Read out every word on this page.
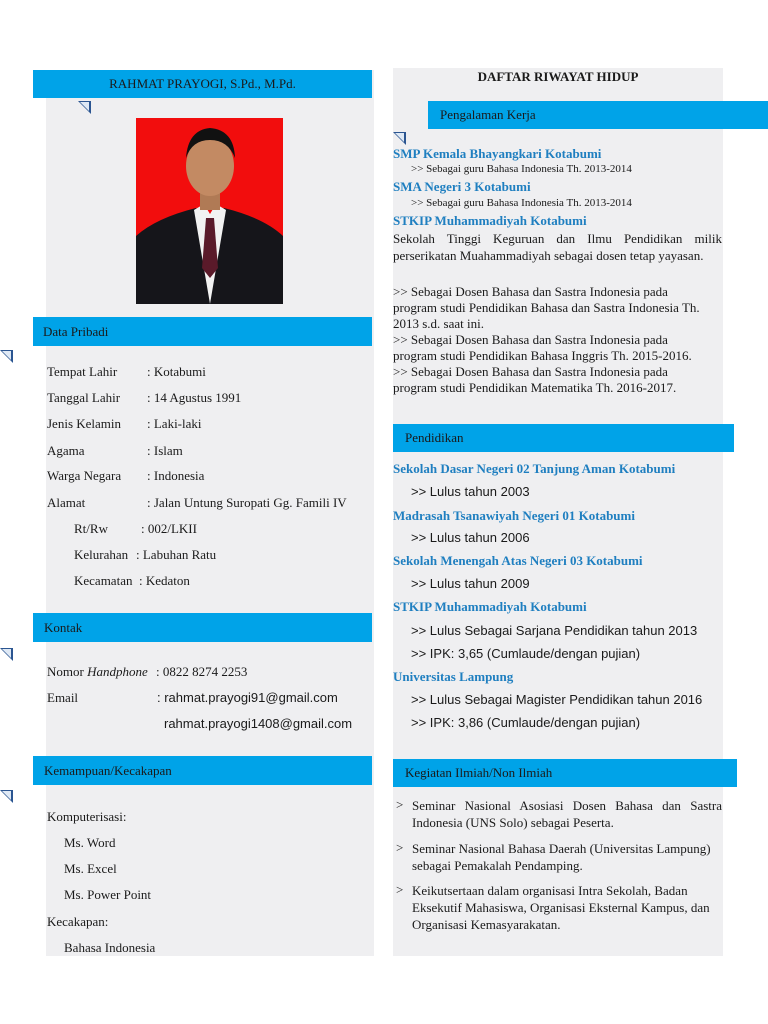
RAHMAT PRAYOGI, S.Pd., M.Pd.
Data Pribadi
Tempat Lahir : Kotabumi
Tanggal Lahir : 14 Agustus 1991
Jenis Kelamin : Laki-laki
Agama	: Islam
Warga Negara : Indonesia
Alamat	: Jalan Untung Suropati Gg. Famili IV
Rt/Rw	: 002/LKII
Kelurahan : Labuhan Ratu
Kecamatan : Kedaton
Kontak
Nomor Handphone : 0822 8274 2253
Email	: rahmat.prayogi91@gmail.com
rahmat.prayogi1408@gmail.com
Kemampuan/Kecakapan
Komputerisasi:
Ms. Word
Ms. Excel
Ms. Power Point
Kecakapan:
Bahasa Indonesia
DAFTAR RIWAYAT HIDUP
Pengalaman Kerja
SMP Kemala Bhayangkari Kotabumi
>> Sebagai guru Bahasa Indonesia Th. 2013-2014
SMA Negeri 3 Kotabumi
>> Sebagai guru Bahasa Indonesia Th. 2013-2014
STKIP Muhammadiyah Kotabumi
Sekolah Tinggi Keguruan dan Ilmu Pendidikan milik perserikatan Muahammadiyah sebagai dosen tetap yayasan.
>> Sebagai Dosen Bahasa dan Sastra Indonesia pada program studi Pendidikan Bahasa dan Sastra Indonesia Th. 2013 s.d. saat ini.
>> Sebagai Dosen Bahasa dan Sastra Indonesia pada program studi Pendidikan Bahasa Inggris Th. 2015-2016.
>> Sebagai Dosen Bahasa dan Sastra Indonesia pada program studi Pendidikan Matematika Th. 2016-2017.
Pendidikan
Sekolah Dasar Negeri 02 Tanjung Aman Kotabumi
>> Lulus tahun 2003
Madrasah Tsanawiyah Negeri 01 Kotabumi
>> Lulus tahun 2006
Sekolah Menengah Atas Negeri 03 Kotabumi
>> Lulus tahun 2009
STKIP Muhammadiyah Kotabumi
>> Lulus Sebagai Sarjana Pendidikan tahun 2013
>> IPK: 3,65 (Cumlaude/dengan pujian)
Universitas Lampung
>> Lulus Sebagai Magister Pendidikan tahun 2016
>> IPK: 3,86 (Cumlaude/dengan pujian)
Kegiatan Ilmiah/Non Ilmiah
> Seminar Nasional Asosiasi Dosen Bahasa dan Sastra Indonesia (UNS Solo) sebagai Peserta.
> Seminar Nasional Bahasa Daerah (Universitas Lampung) sebagai Pemakalah Pendamping.
> Keikutsertaan dalam organisasi Intra Sekolah, Badan Eksekutif Mahasiswa, Organisasi Eksternal Kampus, dan Organisasi Kemasyarakatan.
